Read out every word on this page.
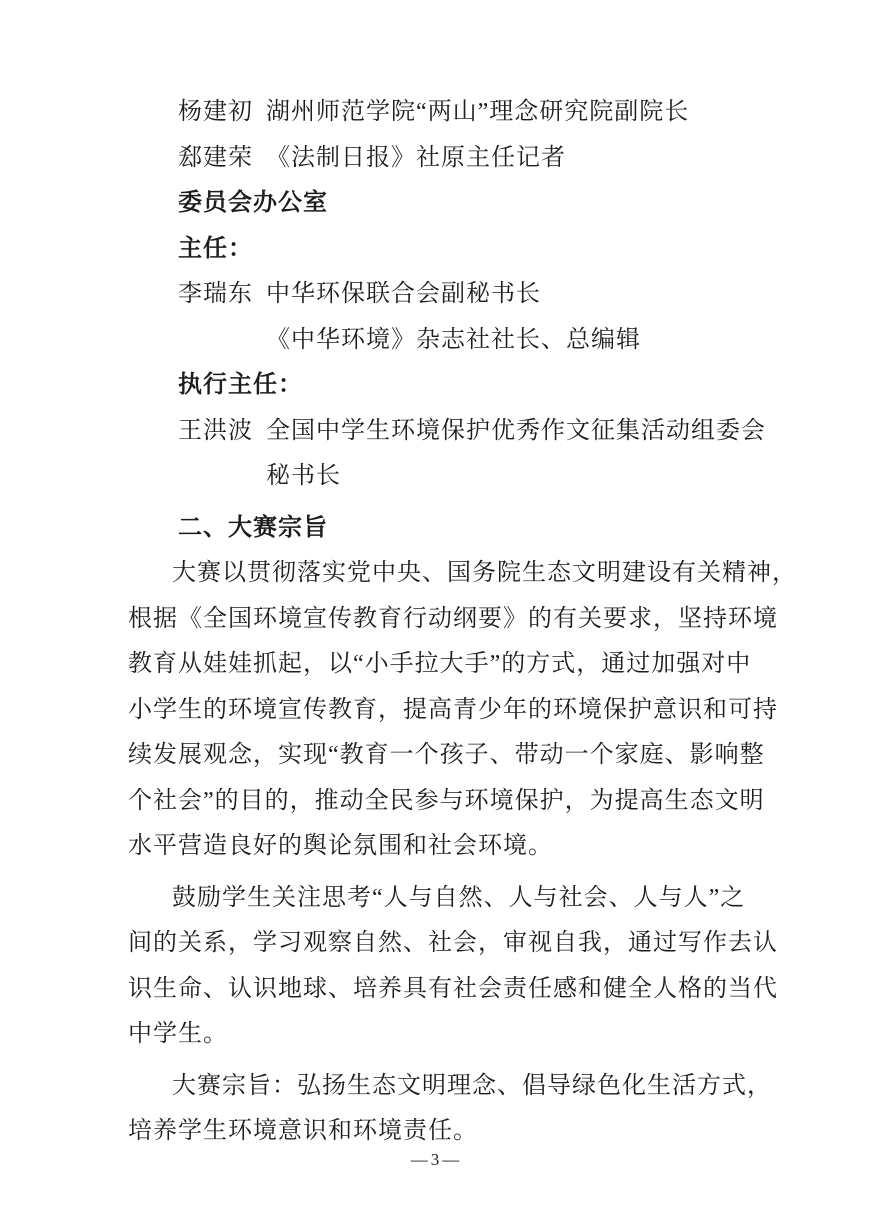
杨建初 湖州师范学院“两山”理念研究院副院长
郄建荣 《法制日报》社原主任记者
委员会办公室
主任：
李瑞东 中华环保联合会副秘书长
《中华环境》杂志社社长、总编辑
执行主任：
王洪波 全国中学生环境保护优秀作文征集活动组委会
秘书长
二、大赛宗旨
大赛以贯彻落实党中央、国务院生态文明建设有关精神，
根据《全国环境宣传教育行动纲要》的有关要求，坚持环境
教育从娃娃抓起，以“小手拉大手”的方式，通过加强对中
小学生的环境宣传教育，提高青少年的环境保护意识和可持
续发展观念，实现“教育一个孩子、带动一个家庭、影响整
个社会”的目的，推动全民参与环境保护，为提高生态文明
水平营造良好的舆论氛围和社会环境。
鼓励学生关注思考“人与自然、人与社会、人与人”之
间的关系，学习观察自然、社会，审视自我，通过写作去认
识生命、认识地球、培养具有社会责任感和健全人格的当代
中学生。
大赛宗旨：弘扬生态文明理念、倡导绿色化生活方式，
培养学生环境意识和环境责任。
—3—
